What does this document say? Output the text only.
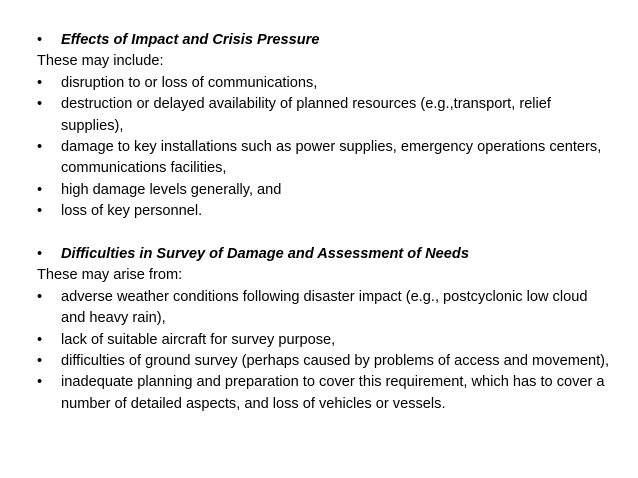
•	Effects of Impact and Crisis Pressure
These may include:
•	disruption to or loss of communications,
•	destruction or delayed availability of planned resources (e.g.,transport, relief supplies),
•	damage to key installations such as power supplies, emergency operations centers, communications facilities,
•	high damage levels generally, and
•	loss of key personnel.
•	Difficulties in Survey of Damage and Assessment of Needs
These may arise from:
•	adverse weather conditions following disaster impact (e.g., postcyclonic low cloud and heavy rain),
•	lack of suitable aircraft for survey purpose,
•	difficulties of ground survey (perhaps caused by problems of access and movement),
•	inadequate planning and preparation to cover this requirement, which has to cover a number of detailed aspects, and loss of vehicles or vessels.
